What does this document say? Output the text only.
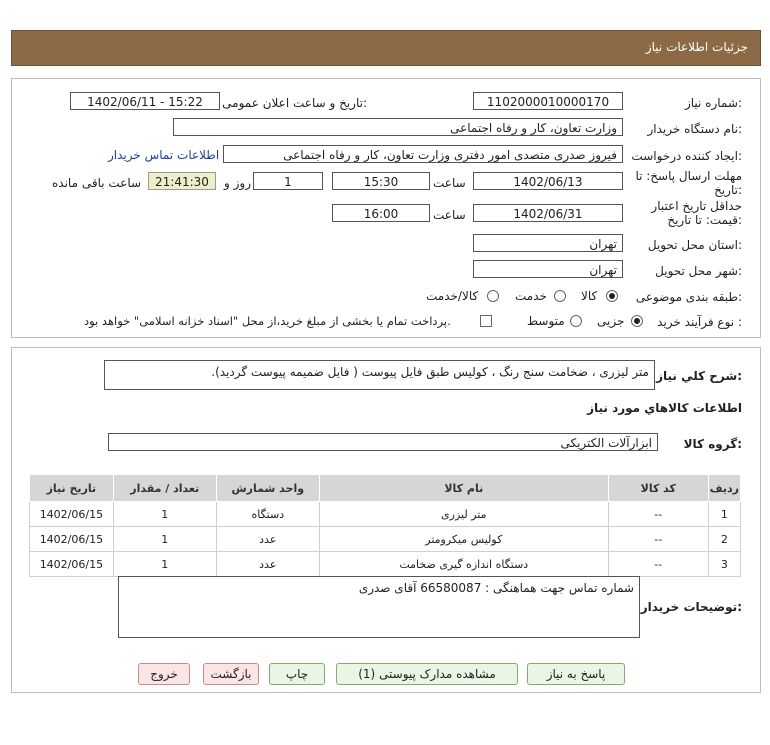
جزئیات اطلاعات نیاز
شماره نیاز:
1102000010000170
تاریخ و ساعت اعلان عمومی:
1402/06/11 - 15:22
نام دستگاه خریدار:
وزارت تعاون، کار و رفاه اجتماعی
ایجاد کننده درخواست:
فیروز صدری متصدی امور دفتری وزارت تعاون، کار و رفاه اجتماعی
اطلاعات تماس خریدار
مهلت ارسال پاسخ: تا تاریخ:
1402/06/13
ساعت
15:30
1
روز و
21:41:30
ساعت باقی مانده
حداقل تاریخ اعتبار قیمت: تا تاریخ:
1402/06/31
ساعت
16:00
استان محل تحویل:
تهران
شهر محل تحویل:
تهران
طبقه بندی موضوعی:
کالا
خدمت
کالا/خدمت
نوع فرآیند خرید :
جزیی
متوسط
پرداخت تمام یا بخشی از مبلغ خرید،از محل "اسناد خزانه اسلامی" خواهد بود.
شرح کلي نياز:
متر لیزری ، ضخامت سنج رنگ ، کولیس طبق فایل پیوست ( فایل ضمیمه پیوست گردید).
اطلاعات کالاهاي مورد نياز
گروه کالا:
ابزارآلات الکتریکی
ردیف	کد کالا	نام کالا	واحد شمارش	تعداد / مقدار	تاریخ نیاز
1	--	متر لیزری	دستگاه	1	1402/06/15
2	--	کولیس میکرومتر	عدد	1	1402/06/15
3	--	دستگاه اندازه گیری ضخامت	عدد	1	1402/06/15
توضیحات خریدار:
شماره تماس جهت هماهنگی : 66580087 آقای صدری
پاسخ به نیاز
مشاهده مدارک پیوستی (1)
چاپ
بازگشت
خروج
